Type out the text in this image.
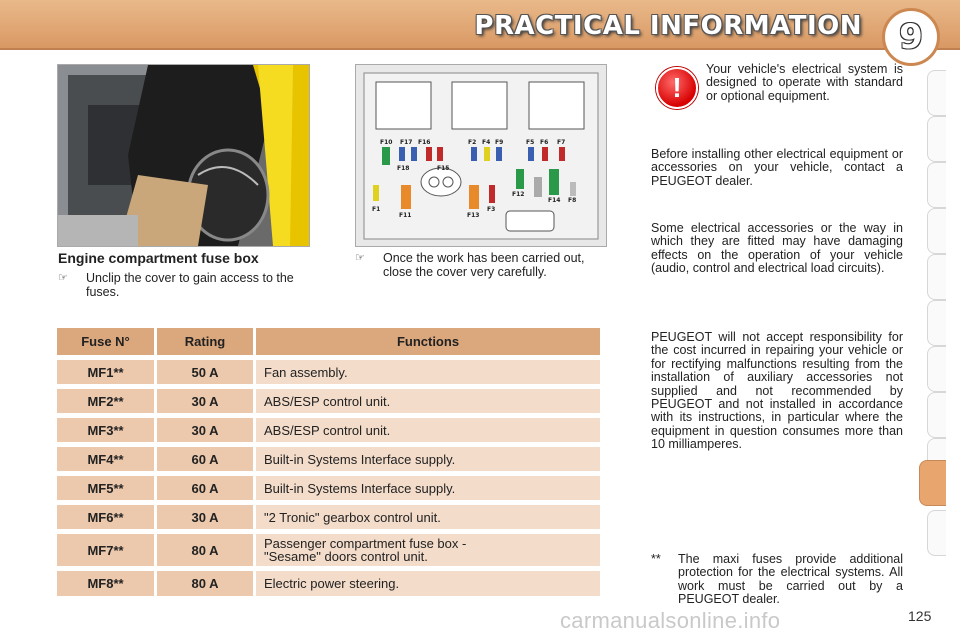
PRACTICAL INFORMATION	9
F10 F17 F16	F2 F4 F9	F5 F6 F7
F18	F15
F12
F14 F8
F1
F11	F13
F3
Engine compartment fuse box
☞ Unclip the cover to gain access to the fuses.
☞ Once the work has been carried out, close the cover very carefully.
Fuse N°	Rating	Functions
MF1**	50 A	Fan assembly.
MF2**	30 A	ABS/ESP control unit.
MF3**	30 A	ABS/ESP control unit.
MF4**	60 A	Built-in Systems Interface supply.
MF5**	60 A	Built-in Systems Interface supply.
MF6**	30 A	"2 Tronic" gearbox control unit.
MF7**	80 A	Passenger compartment fuse box - "Sesame" doors control unit.
MF8**	80 A	Electric power steering.
!
Your vehicle's electrical system is designed to operate with standard or optional equipment.
Before installing other electrical equipment or accessories on your vehicle, contact a PEUGEOT dealer.
Some electrical accessories or the way in which they are fitted may have damaging effects on the operation of your vehicle (audio, control and electrical load circuits).
PEUGEOT will not accept responsibility for the cost incurred in repairing your vehicle or for rectifying malfunctions resulting from the installation of auxiliary accessories not supplied and not recommended by PEUGEOT and not installed in accordance with its instructions, in particular where the equipment in question consumes more than 10 milliamperes.
** The maxi fuses provide additional protection for the electrical systems. All work must be carried out by a PEUGEOT dealer.
carmanualsonline.info	125
